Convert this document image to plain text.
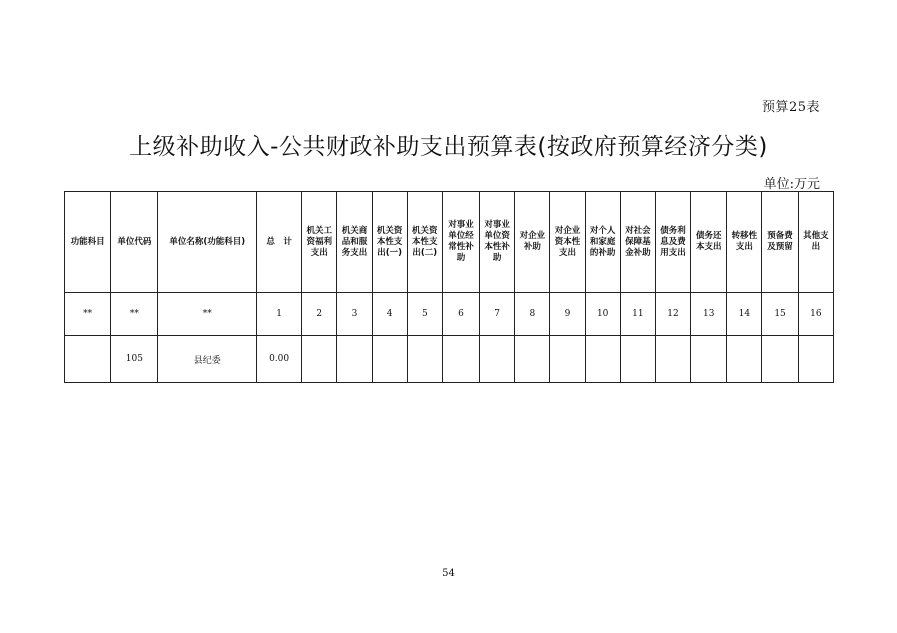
预算25表
上级补助收入-公共财政补助支出预算表(按政府预算经济分类)
单位:万元
功能科目	单位代码	单位名称(功能科目)	总　计	机关工资福利支出	机关商品和服务支出	机关资本性支出(一)	机关资本性支出(二)	对事业单位经常性补助	对事业单位资本性补助	对企业补助	对企业资本性支出	对个人和家庭的补助	对社会保障基金补助	债务利息及费用支出	债务还本支出	转移性支出	预备费及预留	其他支出
**	**	**	1	2	3	4	5	6	7	8	9	10	11	12	13	14	15	16
	105	县纪委	0.00															
54
